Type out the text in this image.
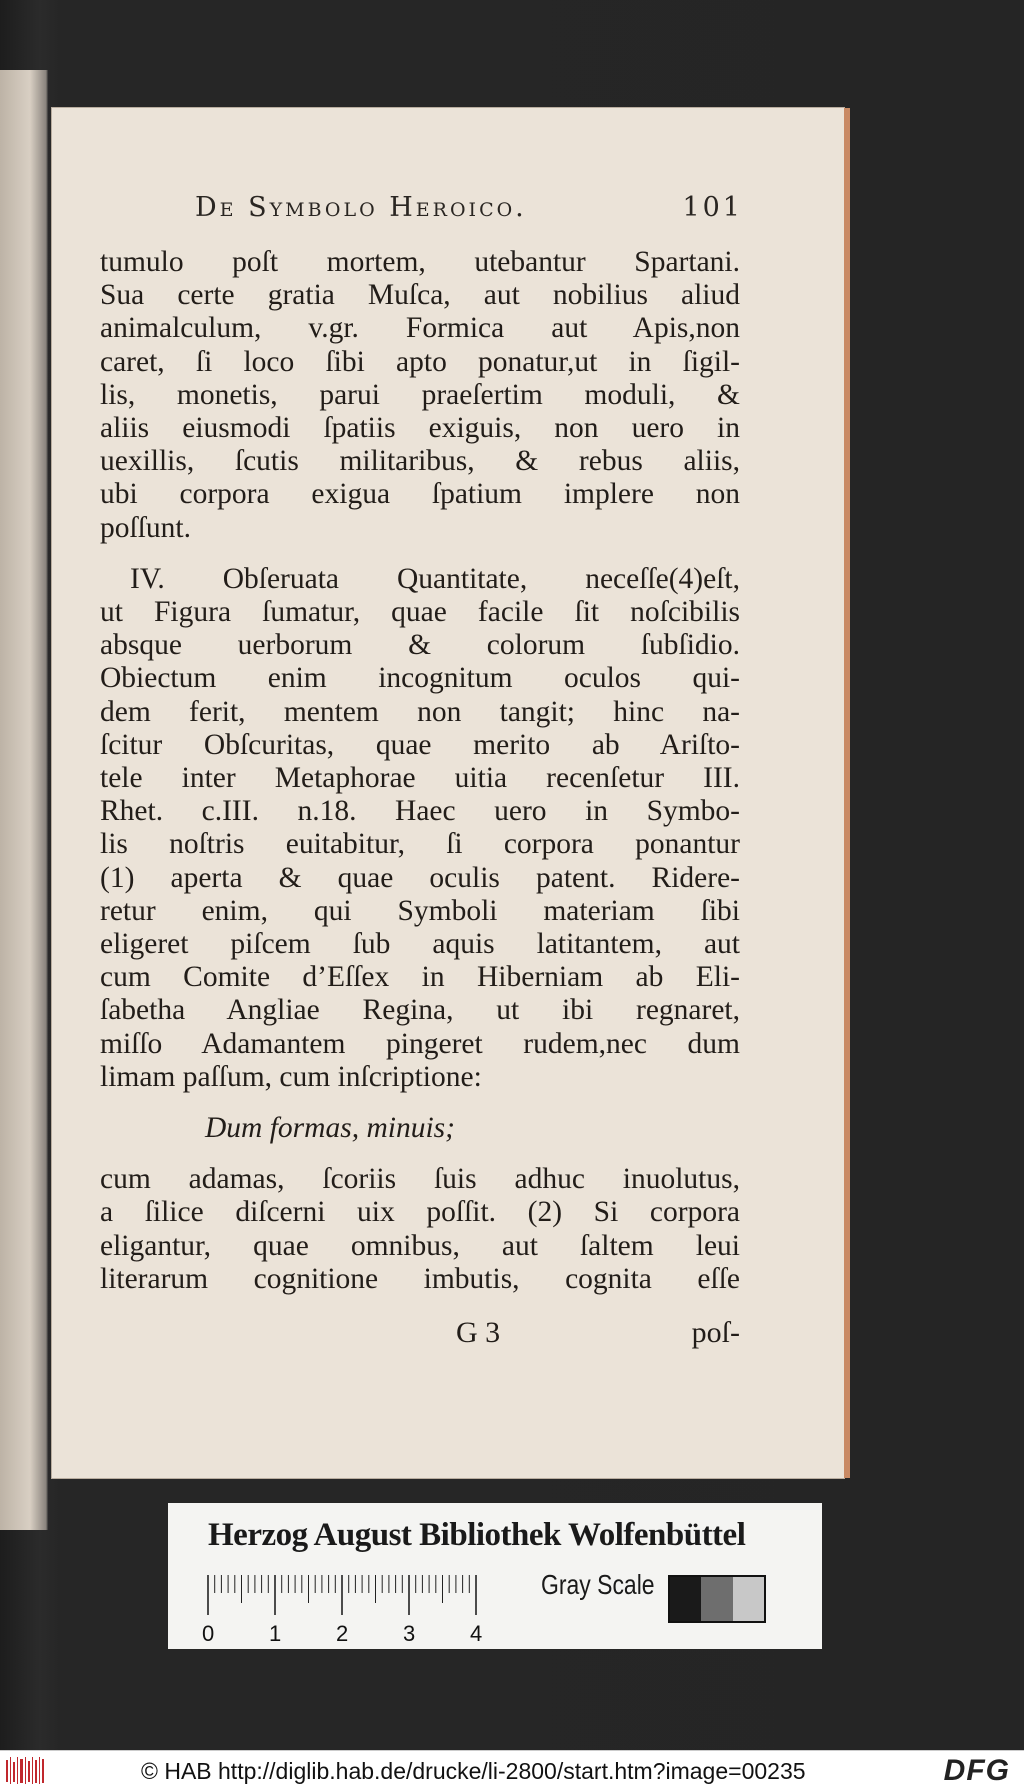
De Symbolo Heroico.	101
tumulo poſt mortem, utebantur Spartani.
Sua certe gratia Muſca, aut nobilius aliud
animalculum, v.gr. Formica aut Apis,non
caret, ſi loco ſibi apto ponatur,ut in ſigil-
lis, monetis, parui praeſertim moduli, &
aliis eiusmodi ſpatiis exiguis, non uero in
uexillis, ſcutis militaribus, & rebus aliis,
ubi corpora exigua ſpatium implere non
poſſunt.
IV. Obſeruata Quantitate, neceſſe(4)eſt,
ut Figura ſumatur, quae facile ſit noſcibilis
absque uerborum & colorum ſubſidio.
Obiectum enim incognitum oculos qui-
dem ferit, mentem non tangit; hinc na-
ſcitur Obſcuritas, quae merito ab Ariſto-
tele inter Metaphorae uitia recenſetur III.
Rhet. c.III. n.18. Haec uero in Symbo-
lis noſtris euitabitur, ſi corpora ponantur
(1) aperta & quae oculis patent. Ridere-
retur enim, qui Symboli materiam ſibi
eligeret piſcem ſub aquis latitantem, aut
cum Comite d’Eſſex in Hiberniam ab Eli-
ſabetha Angliae Regina, ut ibi regnaret,
miſſo Adamantem pingeret rudem,nec dum
limam paſſum, cum inſcriptione:
Dum formas, minuis;
cum adamas, ſcoriis ſuis adhuc inuolutus,
a ſilice diſcerni uix poſſit. (2) Si corpora
eligantur, quae omnibus, aut ſaltem leui
literarum cognitione imbutis, cognita eſſe
G 3	poſ-
Herzog August Bibliothek Wolfenbüttel
0 1 2 3 4
Gray Scale
© HAB http://diglib.hab.de/drucke/li-2800/start.htm?image=00235	DFG
